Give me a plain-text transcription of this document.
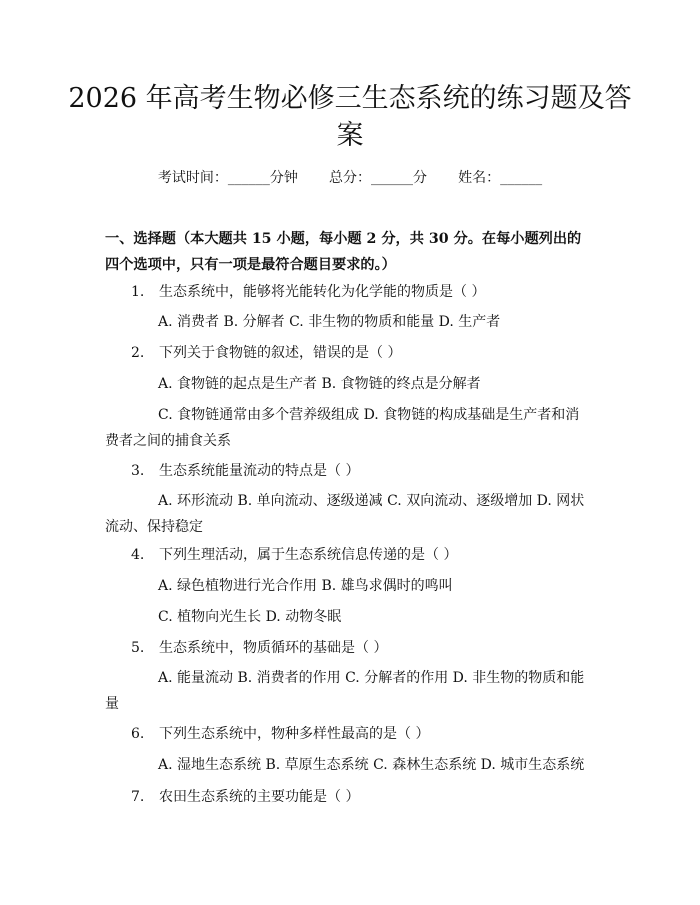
2026 年高考生物必修三生态系统的练习题及答案
考试时间：______分钟 总分：______分 姓名：______
一、选择题（本大题共 15 小题，每小题 2 分，共 30 分。在每小题列出的四个选项中，只有一项是最符合题目要求的。）
1. 生态系统中，能够将光能转化为化学能的物质是（ ）
A. 消费者 B. 分解者 C. 非生物的物质和能量 D. 生产者
2. 下列关于食物链的叙述，错误的是（ ）
A. 食物链的起点是生产者 B. 食物链的终点是分解者
C. 食物链通常由多个营养级组成 D. 食物链的构成基础是生产者和消费者之间的捕食关系
3. 生态系统能量流动的特点是（ ）
A. 环形流动 B. 单向流动、逐级递减 C. 双向流动、逐级增加 D. 网状流动、保持稳定
4. 下列生理活动，属于生态系统信息传递的是（ ）
A. 绿色植物进行光合作用 B. 雄鸟求偶时的鸣叫
C. 植物向光生长 D. 动物冬眠
5. 生态系统中，物质循环的基础是（ ）
A. 能量流动 B. 消费者的作用 C. 分解者的作用 D. 非生物的物质和能量
6. 下列生态系统中，物种多样性最高的是（ ）
A. 湿地生态系统 B. 草原生态系统 C. 森林生态系统 D. 城市生态系统
7. 农田生态系统的主要功能是（ ）
